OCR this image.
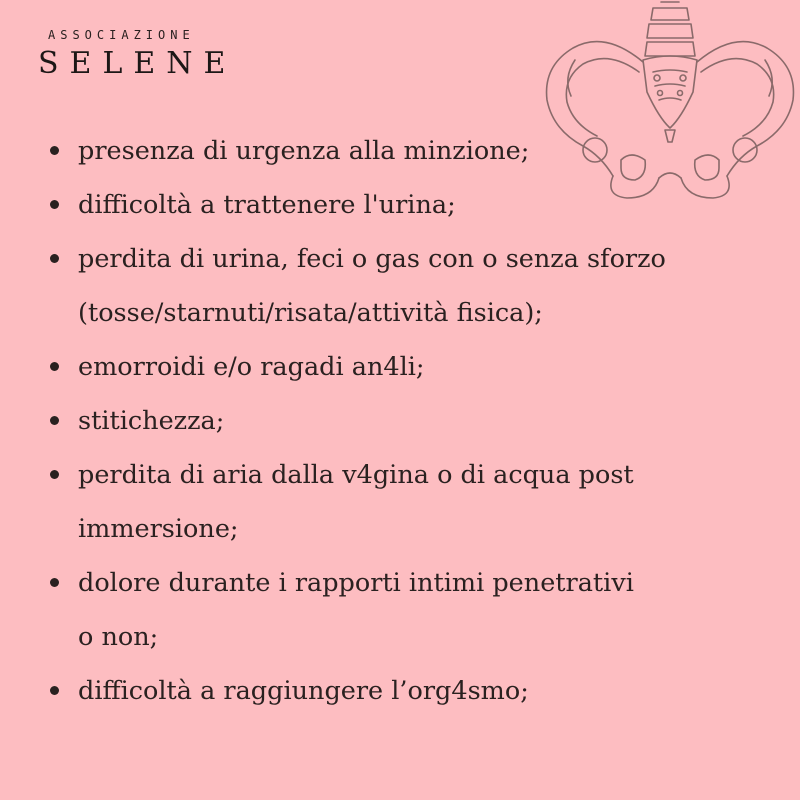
ASSOCIAZIONE
SELENE
presenza di urgenza alla minzione;
difficoltà a trattenere l'urina;
perdita di urina, feci o gas con o senza sforzo
(tosse/starnuti/risata/attività fisica);
emorroidi e/o ragadi an4li;
stitichezza;
perdita di aria dalla v4gina o di acqua post
immersione;
dolore durante i rapporti intimi penetrativi
o non;
difficoltà a raggiungere l’org4smo;
